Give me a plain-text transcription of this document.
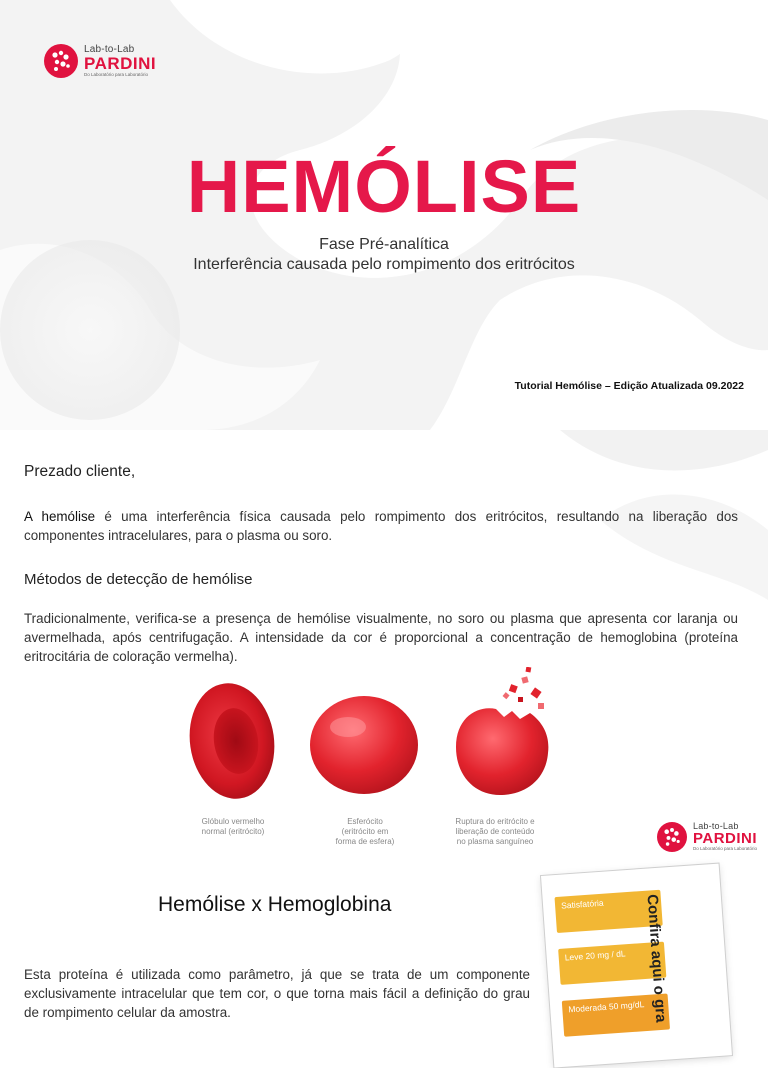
Lab-to-Lab
PARDINI
Do Laboratório para Laboratório
HEMÓLISE
Fase Pré-analítica
Interferência causada pelo rompimento dos eritrócitos
Tutorial Hemólise – Edição Atualizada 09.2022
Prezado cliente,
A hemólise é uma interferência física causada pelo rompimento dos eritrócitos, resultando na liberação dos componentes intracelulares, para o plasma ou soro.
Métodos de detecção de hemólise
Tradicionalmente, verifica-se a presença de hemólise visualmente, no soro ou plasma que apresenta cor laranja ou avermelhada, após centrifugação. A intensidade da cor é proporcional a concentração de hemoglobina (proteína eritrocitária de coloração vermelha).
Glóbulo vermelho
normal (eritrócito)
Esferócito
(eritrócito em
forma de esfera)
Ruptura do eritrócito e
liberação de conteúdo
no plasma sanguíneo
Lab-to-Lab
PARDINI
Do Laboratório para Laboratório
Hemólise x Hemoglobina
Esta proteína é utilizada como parâmetro, já que se trata de um componente exclusivamente intracelular que tem cor, o que torna mais fácil a definição do grau de rompimento celular da amostra.
Satisfatória
Leve 20 mg / dL
Moderada 50 mg/dL
Confira aqui o gra
